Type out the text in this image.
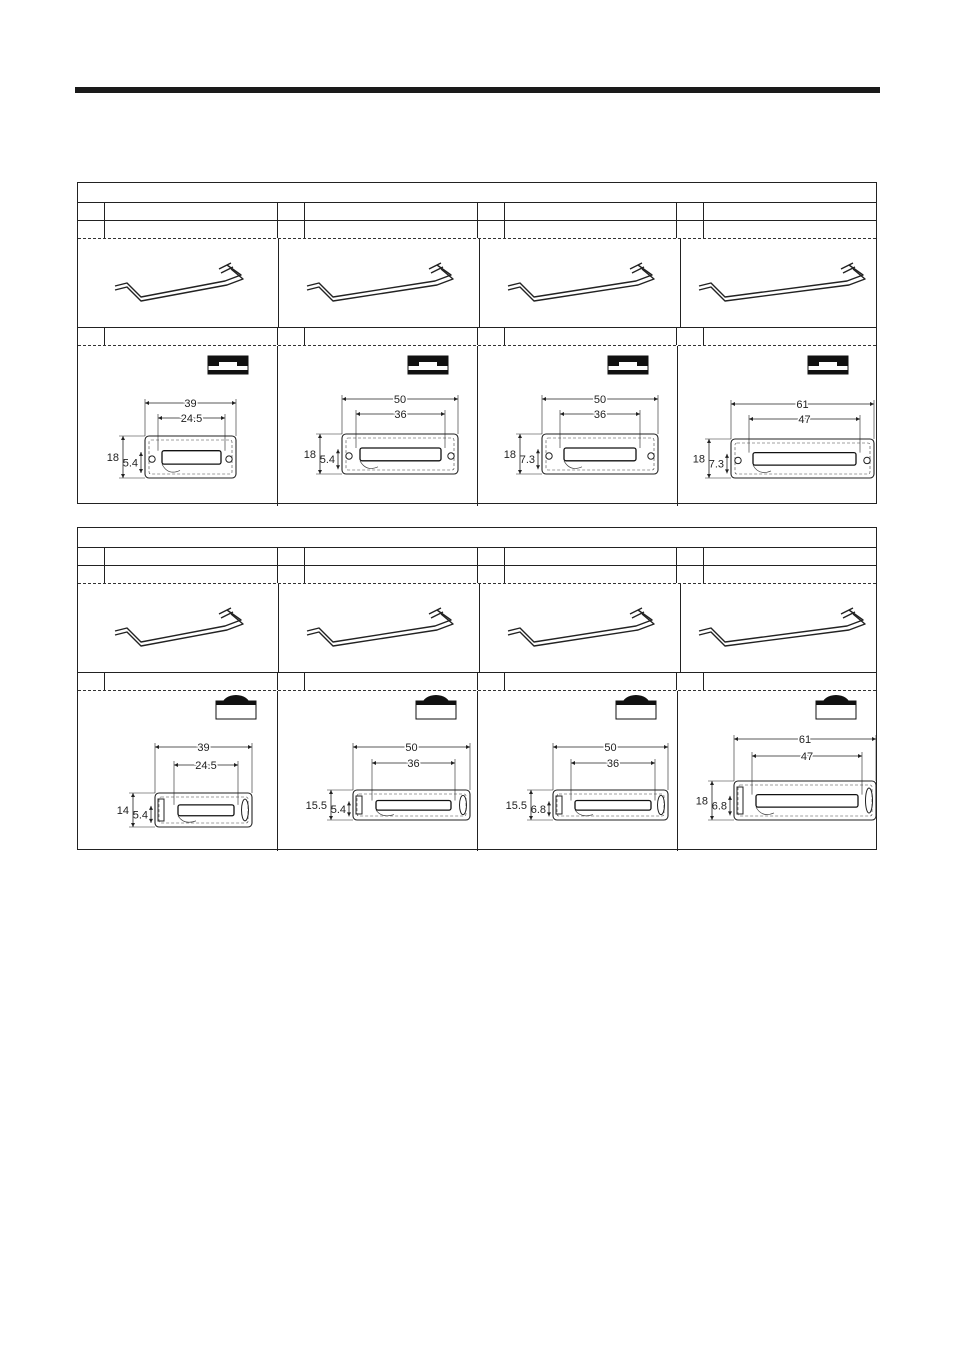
39
24.5
18 5.4
50
36
18 5.4
50
36
18 7.3
61
47
18 7.3
39
24.5
14 5.4
50
36
15.5 5.4
50
36
15.5 6.8
61
47
18 6.8
